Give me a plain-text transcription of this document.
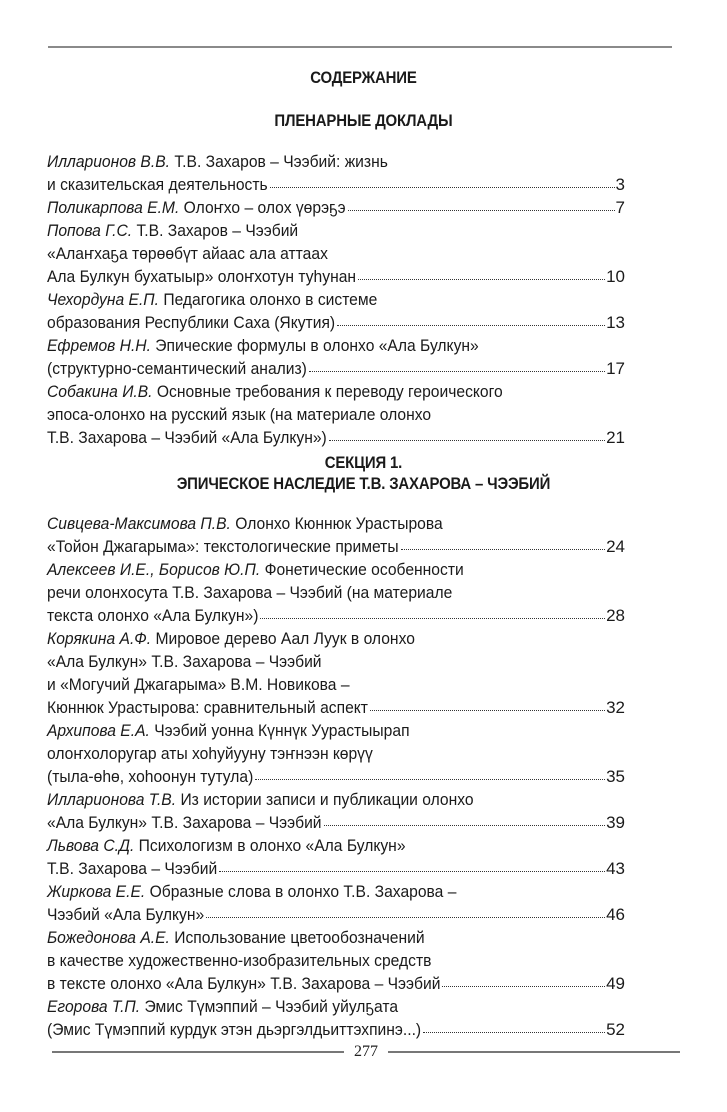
СОДЕРЖАНИЕ
ПЛЕНАРНЫЕ ДОКЛАДЫ
Илларионов В.В. Т.В. Захаров – Чээбий: жизнь
и сказительская деятельность	3
Поликарпова Е.М. Олоҥхо – олох үөрэҕэ	7
Попова Г.С. Т.В. Захаров – Чээбий
«Алаҥхаҕа төрөөбүт айаас ала аттаах
Ала Булкун бухатыыр» олоҥхотун туһунан	10
Чехордуна Е.П. Педагогика олонхо в системе
образования Республики Саха (Якутия)	13
Ефремов Н.Н. Эпические формулы в олонхо «Ала Булкун»
(структурно-семантический анализ)	17
Собакина И.В. Основные требования к переводу героического
эпоса-олонхо на русский язык (на материале олонхо
Т.В. Захарова – Чээбий «Ала Булкун»)	21
СЕКЦИЯ 1.
ЭПИЧЕСКОЕ НАСЛЕДИЕ Т.В. ЗАХАРОВА – ЧЭЭБИЙ
Сивцева-Максимова П.В. Олонхо Кюннюк Урастырова
«Тойон Джагарыма»: текстологические приметы	24
Алексеев И.Е., Борисов Ю.П. Фонетические особенности
речи олонхосута Т.В. Захарова – Чээбий (на материале
текста олонхо «Ала Булкун»)	28
Корякина А.Ф. Мировое дерево Аал Луук в олонхо
«Ала Булкун» Т.В. Захарова – Чээбий
и «Могучий Джагарыма» В.М. Новикова –
Кюннюк Урастырова: сравнительный аспект	32
Архипова Е.А. Чээбий уонна Күннүк Уурастыырап
олоҥхолоругар аты хоһуйууну тэҥнээн көрүү
(тыла-өһө, хоһоонун тутула)	35
Илларионова Т.В. Из истории записи и публикации олонхо
«Ала Булкун» Т.В. Захарова – Чээбий	39
Львова С.Д. Психологизм в олонхо «Ала Булкун»
Т.В. Захарова – Чээбий	43
Жиркова Е.Е. Образные слова в олонхо Т.В. Захарова –
Чээбий «Ала Булкун»	46
Божедонова А.Е. Использование цветообозначений
в качестве художественно-изобразительных средств
в тексте олонхо «Ала Булкун» Т.В. Захарова – Чээбий	49
Егорова Т.П. Эмис Түмэппий – Чээбий уйулҕата
(Эмис Түмэппий курдук этэн дьэргэлдьиттэхпинэ...)	52
277
